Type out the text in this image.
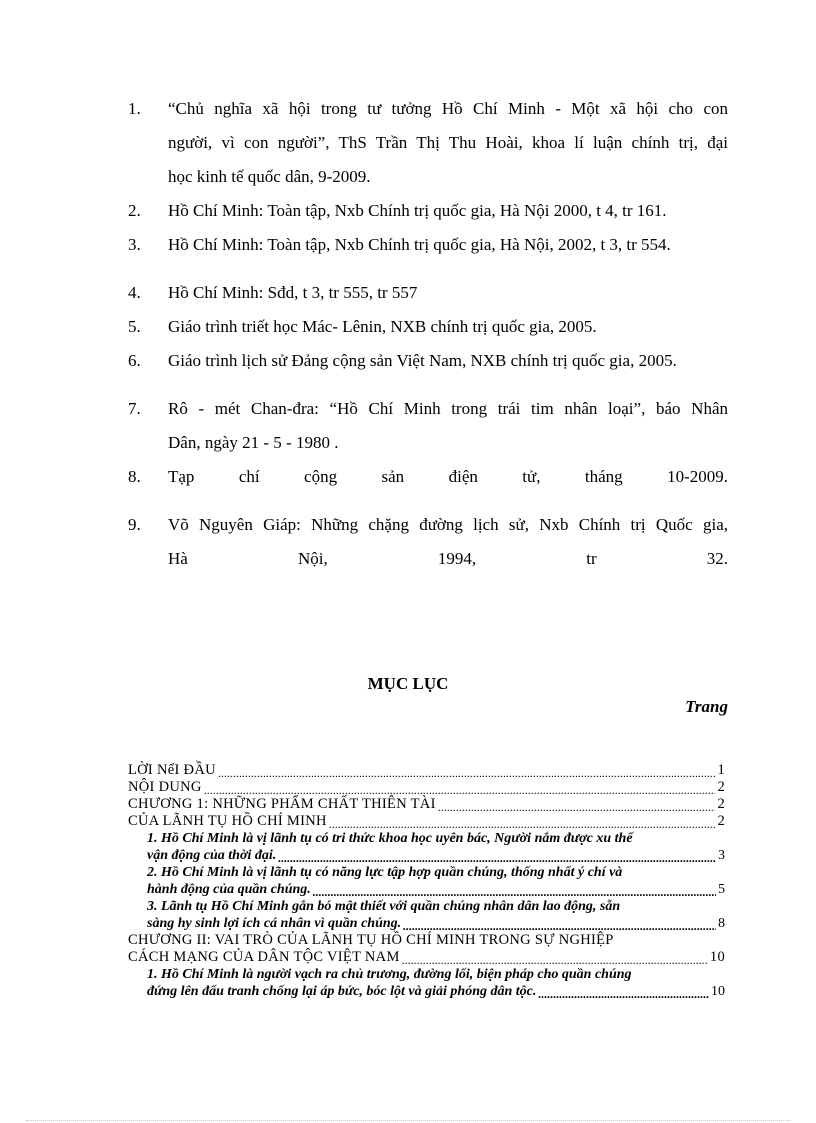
1. “Chủ nghĩa xã hội trong tư tưởng Hồ Chí Minh - Một xã hội cho con
người, vì con người”, ThS Trần Thị Thu Hoài, khoa lí luận chính trị, đại
học kinh tế quốc dân, 9-2009.
2. Hồ Chí Minh: Toàn tập, Nxb Chính trị quốc gia, Hà Nội 2000, t 4, tr 161.
3. Hồ Chí Minh: Toàn tập, Nxb Chính trị quốc gia, Hà Nội, 2002, t 3, tr 554.
4. Hồ Chí Minh: Sđd, t 3, tr 555, tr 557
5. Giáo trình triết học Mác- Lênin, NXB chính trị quốc gia, 2005.
6. Giáo trình lịch sử Đảng cộng sản Việt Nam, NXB chính trị quốc gia, 2005.
7. Rô - mét Chan-đra: “Hồ Chí Minh trong trái tim nhân loại”, báo Nhân
Dân, ngày 21 - 5 - 1980 .
8. Tạp chí cộng sản điện tử, tháng 10-2009.
9. Võ Nguyên Giáp: Những chặng đường lịch sử, Nxb Chính trị Quốc gia,
Hà Nội, 1994, tr 32.
MỤC LỤC
Trang
LỜI NểI ĐẦU .....	1
NỘI DUNG .....	2
CHƯƠNG 1: NHỮNG PHẨM CHẤT THIÊN TÀI .....	2
CỦA LÃNH TỤ HỒ CHÍ MINH .....	2
1. Hồ Chí Minh là vị lãnh tụ có tri thức khoa học uyên bác, Người nắm được xu thế
vận động của thời đại. .....	3
2. Hồ Chí Minh là vị lãnh tụ có năng lực tập hợp quần chúng, thống nhất ý chí và
hành động của quần chúng. .....	5
3. Lãnh tụ Hồ Chí Minh gắn bó mật thiết với quần chúng nhân dân lao động, sẵn
sàng hy sinh lợi ích cá nhân vì quần chúng. .....	8
CHƯƠNG II: VAI TRÒ CỦA LÃNH TỤ HỒ CHÍ MINH TRONG SỰ NGHIỆP
CÁCH MẠNG CỦA DÂN TỘC VIỆT NAM .....	10
1. Hồ Chí Minh là người vạch ra chủ trương, đường lối, biện pháp cho quần chúng
đứng lên đấu tranh chống lại áp bức, bóc lột và giải phóng dân tộc. .....	10
